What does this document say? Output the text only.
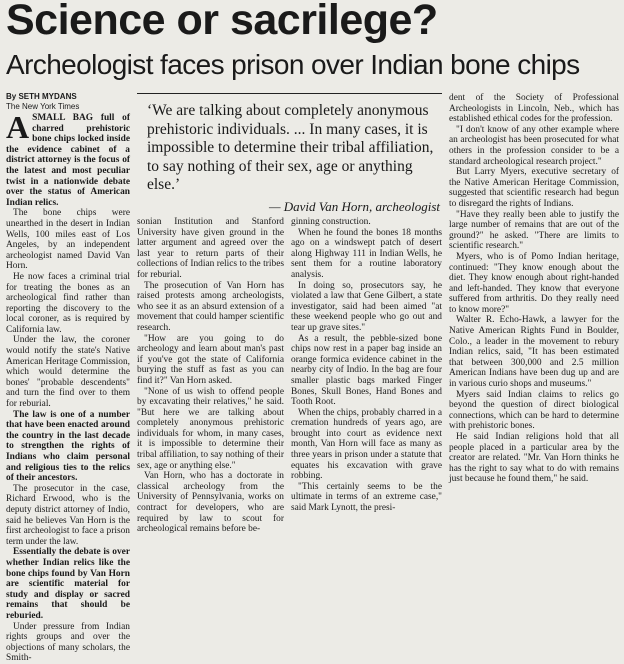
Science or sacrilege?
Archeologist faces prison over Indian bone chips
By SETH MYDANS
The New York Times

ASMALL BAG full of charred prehistoric bone chips locked inside the evidence cabinet of a district attorney is the focus of the latest and most peculiar twist in a nationwide debate over the status of American Indian relics.

The bone chips were unearthed in the desert in Indian Wells, 100 miles east of Los Angeles, by an independent archeologist named David Van Horn.

He now faces a criminal trial for treating the bones as an archeological find rather than reporting the discovery to the local coroner, as is required by California law.

Under the law, the coroner would notify the state's Native American Heritage Commission, which would determine the bones' "probable descendents" and turn the find over to them for reburial.

The law is one of a number that have been enacted around the country in the last decade to strengthen the rights of Indians who claim personal and religious ties to the relics of their ancestors.

The prosecutor in the case, Richard Erwood, who is the deputy district attorney of Indio, said he believes Van Horn is the first archeologist to face a prison term under the law.

Essentially the debate is over whether Indian relics like the bone chips found by Van Horn are scientific material for study and display or sacred remains that should be reburied.

Under pressure from Indian rights groups and over the objections of many scholars, the Smith-

‘We are talking about completely anonymous prehistoric individuals. ... In many cases, it is impossible to determine their tribal affiliation, to say nothing of their sex, age or anything else.’
— David Van Horn, archeologist

sonian Institution and Stanford University have given ground in the latter argument and agreed over the last year to return parts of their collections of Indian relics to the tribes for reburial.

The prosecution of Van Horn has raised protests among archeologists, who see it as an absurd extension of a movement that could hamper scientific research.

"How are you going to do archeology and learn about man's past if you've got the state of California burying the stuff as fast as you can find it?" Van Horn asked.

"None of us wish to offend people by excavating their relatives," he said. "But here we are talking about completely anonymous prehistoric individuals for whom, in many cases, it is impossible to determine their tribal affiliation, to say nothing of their sex, age or anything else."

Van Horn, who has a doctorate in classical archeology from the University of Pennsylvania, works on contract for developers, who are required by law to scout for archeological remains before be-

ginning construction.

When he found the bones 18 months ago on a windswept patch of desert along Highway 111 in Indian Wells, he sent them for a routine laboratory analysis.

In doing so, prosecutors say, he violated a law that Gene Gilbert, a state investigator, said had been aimed "at these weekend people who go out and tear up grave sites."

As a result, the pebble-sized bone chips now rest in a paper bag inside an orange formica evidence cabinet in the nearby city of Indio. In the bag are four smaller plastic bags marked Finger Bones, Skull Bones, Hand Bones and Tooth Root.

When the chips, probably charred in a cremation hundreds of years ago, are brought into court as evidence next month, Van Horn will face as many as three years in prison under a statute that equates his excavation with grave robbing.

"This certainly seems to be the ultimate in terms of an extreme case," said Mark Lynott, the presi-

dent of the Society of Professional Archeologists in Lincoln, Neb., which has established ethical codes for the profession.

"I don't know of any other example where an archeologist has been prosecuted for what others in the profession consider to be a standard archeological research project."

But Larry Myers, executive secretary of the Native American Heritage Commission, suggested that scientific research had begun to disregard the rights of Indians.

"Have they really been able to justify the large number of remains that are out of the ground?" he asked. "There are limits to scientific research."

Myers, who is of Pomo Indian heritage, continued: "They know enough about the diet. They know enough about right-handed and left-handed. They know that everyone suffered from arthritis. Do they really need to know more?"

Walter R. Echo-Hawk, a lawyer for the Native American Rights Fund in Boulder, Colo., a leader in the movement to rebury Indian relics, said, "It has been estimated that between 300,000 and 2.5 million American Indians have been dug up and are in various curio shops and museums."

Myers said Indian claims to relics go beyond the question of direct biological connections, which can be hard to determine with prehistoric bones.

He said Indian religions hold that all people placed in a particular area by the creator are related. "Mr. Van Horn thinks he has the right to say what to do with remains just because he found them," he said.
